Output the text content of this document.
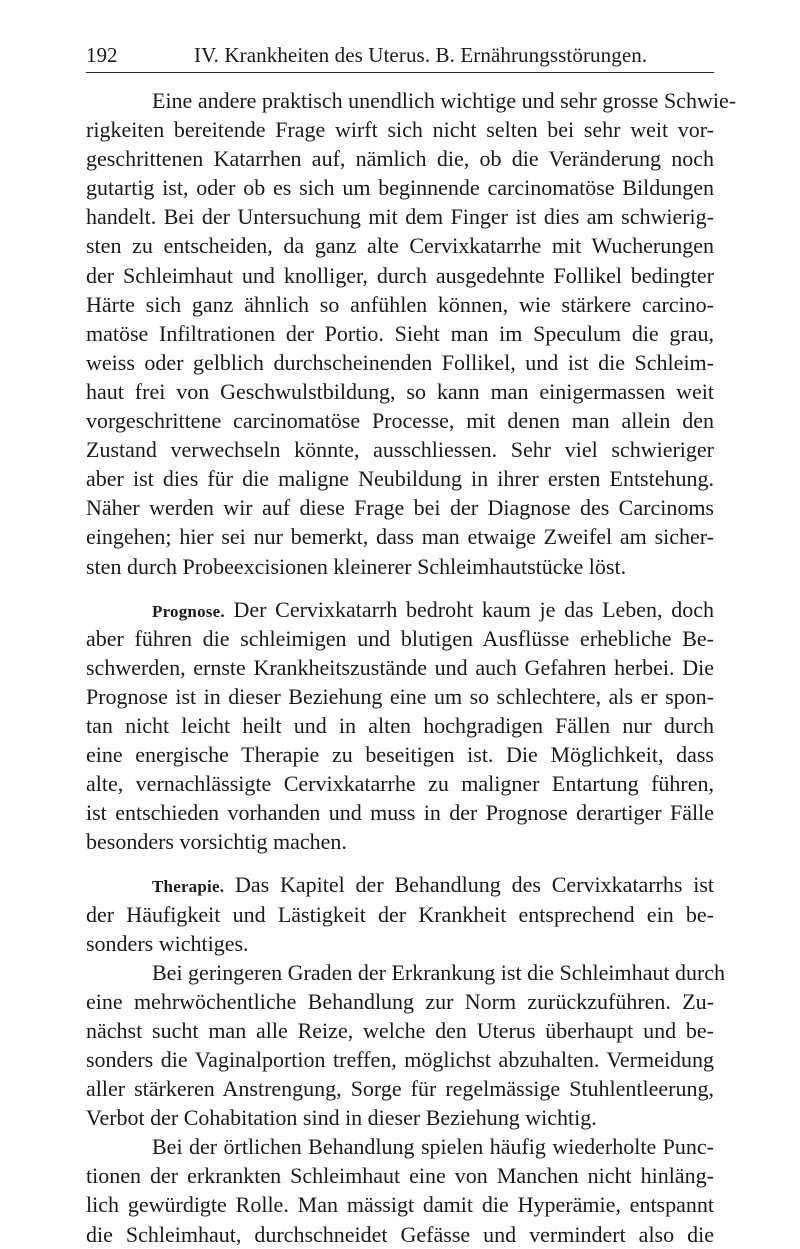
192	IV. Krankheiten des Uterus. B. Ernährungsstörungen.
Eine andere praktisch unendlich wichtige und sehr grosse Schwie-
rigkeiten bereitende Frage wirft sich nicht selten bei sehr weit vor-
geschrittenen Katarrhen auf, nämlich die, ob die Veränderung noch
gutartig ist, oder ob es sich um beginnende carcinomatöse Bildungen
handelt. Bei der Untersuchung mit dem Finger ist dies am schwierig-
sten zu entscheiden, da ganz alte Cervixkatarrhe mit Wucherungen
der Schleimhaut und knolliger, durch ausgedehnte Follikel bedingter
Härte sich ganz ähnlich so anfühlen können, wie stärkere carcino-
matöse Infiltrationen der Portio. Sieht man im Speculum die grau,
weiss oder gelblich durchscheinenden Follikel, und ist die Schleim-
haut frei von Geschwulstbildung, so kann man einigermassen weit
vorgeschrittene carcinomatöse Processe, mit denen man allein den
Zustand verwechseln könnte, ausschliessen. Sehr viel schwieriger
aber ist dies für die maligne Neubildung in ihrer ersten Entstehung.
Näher werden wir auf diese Frage bei der Diagnose des Carcinoms
eingehen; hier sei nur bemerkt, dass man etwaige Zweifel am sicher-
sten durch Probeexcisionen kleinerer Schleimhautstücke löst.
Prognose. Der Cervixkatarrh bedroht kaum je das Leben, doch
aber führen die schleimigen und blutigen Ausflüsse erhebliche Be-
schwerden, ernste Krankheitszustände und auch Gefahren herbei. Die
Prognose ist in dieser Beziehung eine um so schlechtere, als er spon-
tan nicht leicht heilt und in alten hochgradigen Fällen nur durch
eine energische Therapie zu beseitigen ist. Die Möglichkeit, dass
alte, vernachlässigte Cervixkatarrhe zu maligner Entartung führen,
ist entschieden vorhanden und muss in der Prognose derartiger Fälle
besonders vorsichtig machen.
Therapie. Das Kapitel der Behandlung des Cervixkatarrhs ist
der Häufigkeit und Lästigkeit der Krankheit entsprechend ein be-
sonders wichtiges.
Bei geringeren Graden der Erkrankung ist die Schleimhaut durch
eine mehrwöchentliche Behandlung zur Norm zurückzuführen. Zu-
nächst sucht man alle Reize, welche den Uterus überhaupt und be-
sonders die Vaginalportion treffen, möglichst abzuhalten. Vermeidung
aller stärkeren Anstrengung, Sorge für regelmässige Stuhlentleerung,
Verbot der Cohabitation sind in dieser Beziehung wichtig.
Bei der örtlichen Behandlung spielen häufig wiederholte Punc-
tionen der erkrankten Schleimhaut eine von Manchen nicht hinläng-
lich gewürdigte Rolle. Man mässigt damit die Hyperämie, entspannt
die Schleimhaut, durchschneidet Gefässe und vermindert also die
